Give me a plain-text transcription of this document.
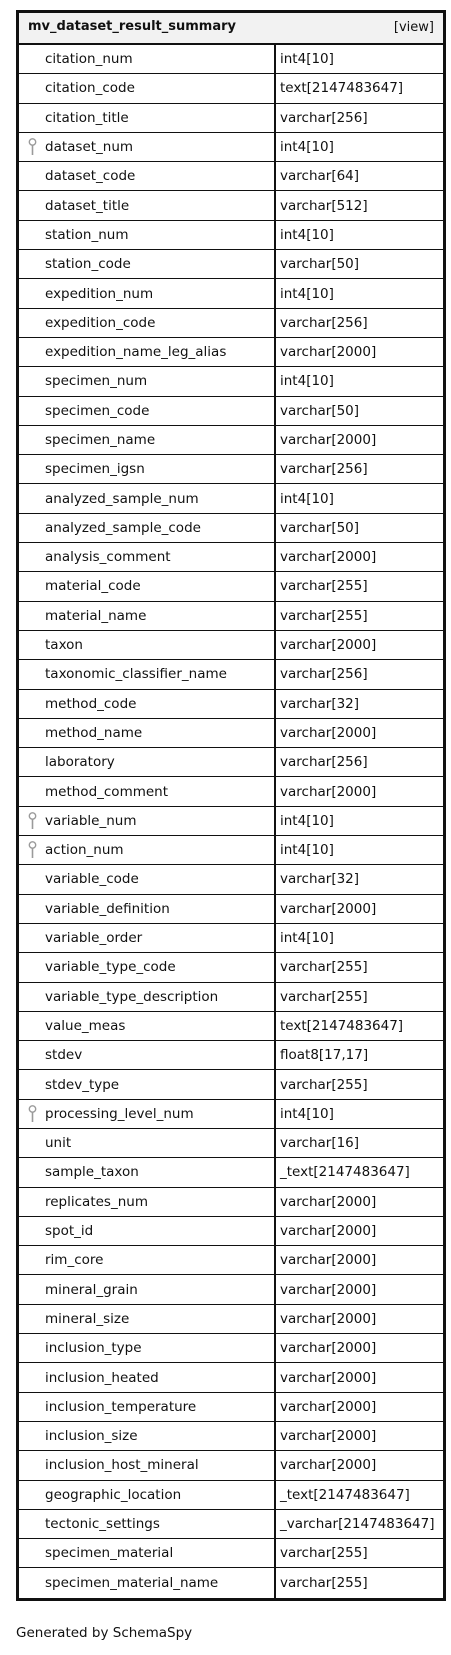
mv_dataset_result_summary	[view]
citation_num	int4[10]
citation_code	text[2147483647]
citation_title	varchar[256]
dataset_num	int4[10]
dataset_code	varchar[64]
dataset_title	varchar[512]
station_num	int4[10]
station_code	varchar[50]
expedition_num	int4[10]
expedition_code	varchar[256]
expedition_name_leg_alias	varchar[2000]
specimen_num	int4[10]
specimen_code	varchar[50]
specimen_name	varchar[2000]
specimen_igsn	varchar[256]
analyzed_sample_num	int4[10]
analyzed_sample_code	varchar[50]
analysis_comment	varchar[2000]
material_code	varchar[255]
material_name	varchar[255]
taxon	varchar[2000]
taxonomic_classifier_name	varchar[256]
method_code	varchar[32]
method_name	varchar[2000]
laboratory	varchar[256]
method_comment	varchar[2000]
variable_num	int4[10]
action_num	int4[10]
variable_code	varchar[32]
variable_definition	varchar[2000]
variable_order	int4[10]
variable_type_code	varchar[255]
variable_type_description	varchar[255]
value_meas	text[2147483647]
stdev	float8[17,17]
stdev_type	varchar[255]
processing_level_num	int4[10]
unit	varchar[16]
sample_taxon	_text[2147483647]
replicates_num	varchar[2000]
spot_id	varchar[2000]
rim_core	varchar[2000]
mineral_grain	varchar[2000]
mineral_size	varchar[2000]
inclusion_type	varchar[2000]
inclusion_heated	varchar[2000]
inclusion_temperature	varchar[2000]
inclusion_size	varchar[2000]
inclusion_host_mineral	varchar[2000]
geographic_location	_text[2147483647]
tectonic_settings	_varchar[2147483647]
specimen_material	varchar[255]
specimen_material_name	varchar[255]
Generated by SchemaSpy
